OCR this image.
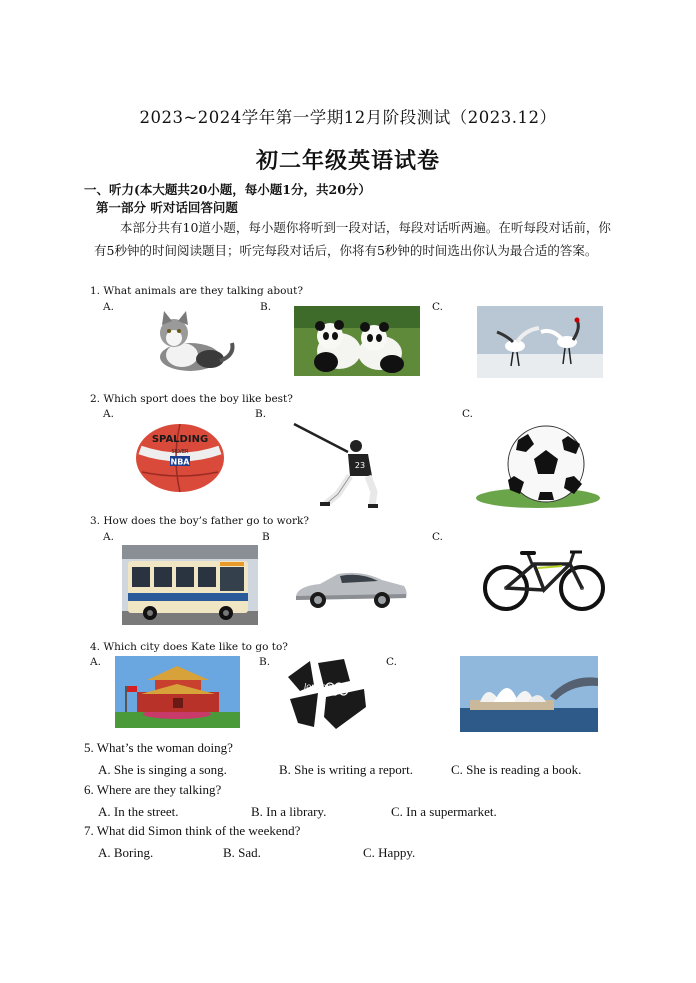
2023~2024学年第一学期12月阶段测试（2023.12）
初二年级英语试卷
一、听力(本大题共20小题，每小题1分，共20分）
第一部分 听对话回答问题
本部分共有10道小题，每小题你将听到一段对话，每段对话听两遍。在听每段对话前，你有5秒钟的时间阅读题目；听完每段对话后，你将有5秒钟的时间选出你认为最合适的答案。
1. What animals are they talking about?
A.	B.	C.
2. Which sport does the boy like best?
A.	B.	C.
SPALDING
SILVER
NBA	23
3. How does the boy’s father go to work?
A.	B	C.
4. Which city does Kate like to go to?
A.	B.	C.
london
5. What’s the woman doing?
A. She is singing a song.	B. She is writing a report.	C. She is reading a book.
6. Where are they talking?
A. In the street.	B. In a library.	C. In a supermarket.
7. What did Simon think of the weekend?
A. Boring.	B. Sad.	C. Happy.
